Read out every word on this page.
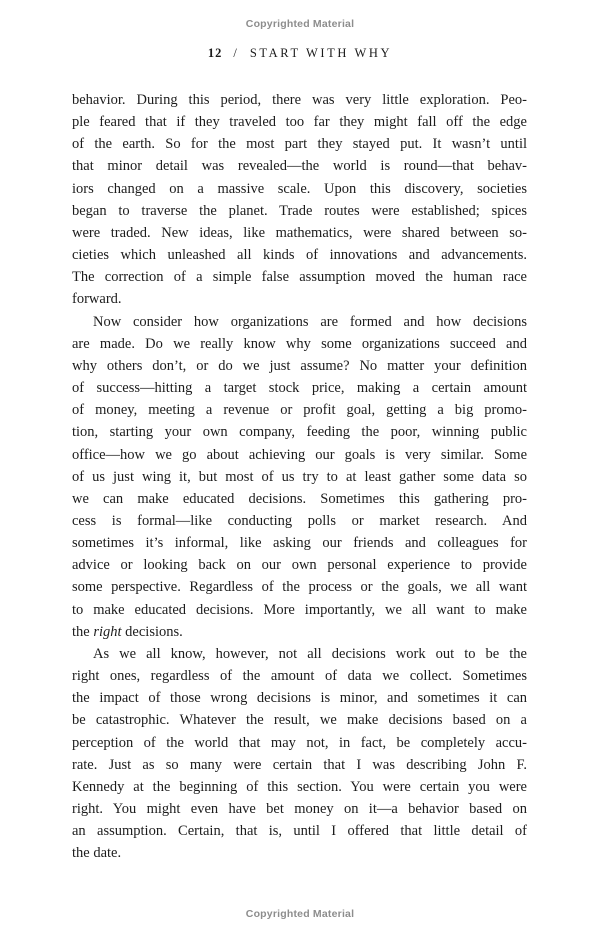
Copyrighted Material
12 / START WITH WHY
behavior. During this period, there was very little exploration. Peo-
ple feared that if they traveled too far they might fall off the edge
of the earth. So for the most part they stayed put. It wasn’t until
that minor detail was revealed—the world is round—that behav-
iors changed on a massive scale. Upon this discovery, societies
began to traverse the planet. Trade routes were established; spices
were traded. New ideas, like mathematics, were shared between so-
cieties which unleashed all kinds of innovations and advancements.
The correction of a simple false assumption moved the human race
forward.
Now consider how organizations are formed and how decisions
are made. Do we really know why some organizations succeed and
why others don’t, or do we just assume? No matter your definition
of success—hitting a target stock price, making a certain amount
of money, meeting a revenue or profit goal, getting a big promo-
tion, starting your own company, feeding the poor, winning public
office—how we go about achieving our goals is very similar. Some
of us just wing it, but most of us try to at least gather some data so
we can make educated decisions. Sometimes this gathering pro-
cess is formal—like conducting polls or market research. And
sometimes it’s informal, like asking our friends and colleagues for
advice or looking back on our own personal experience to provide
some perspective. Regardless of the process or the goals, we all want
to make educated decisions. More importantly, we all want to make
the right decisions.
As we all know, however, not all decisions work out to be the
right ones, regardless of the amount of data we collect. Sometimes
the impact of those wrong decisions is minor, and sometimes it can
be catastrophic. Whatever the result, we make decisions based on a
perception of the world that may not, in fact, be completely accu-
rate. Just as so many were certain that I was describing John F.
Kennedy at the beginning of this section. You were certain you were
right. You might even have bet money on it—a behavior based on
an assumption. Certain, that is, until I offered that little detail of
the date.
Copyrighted Material
